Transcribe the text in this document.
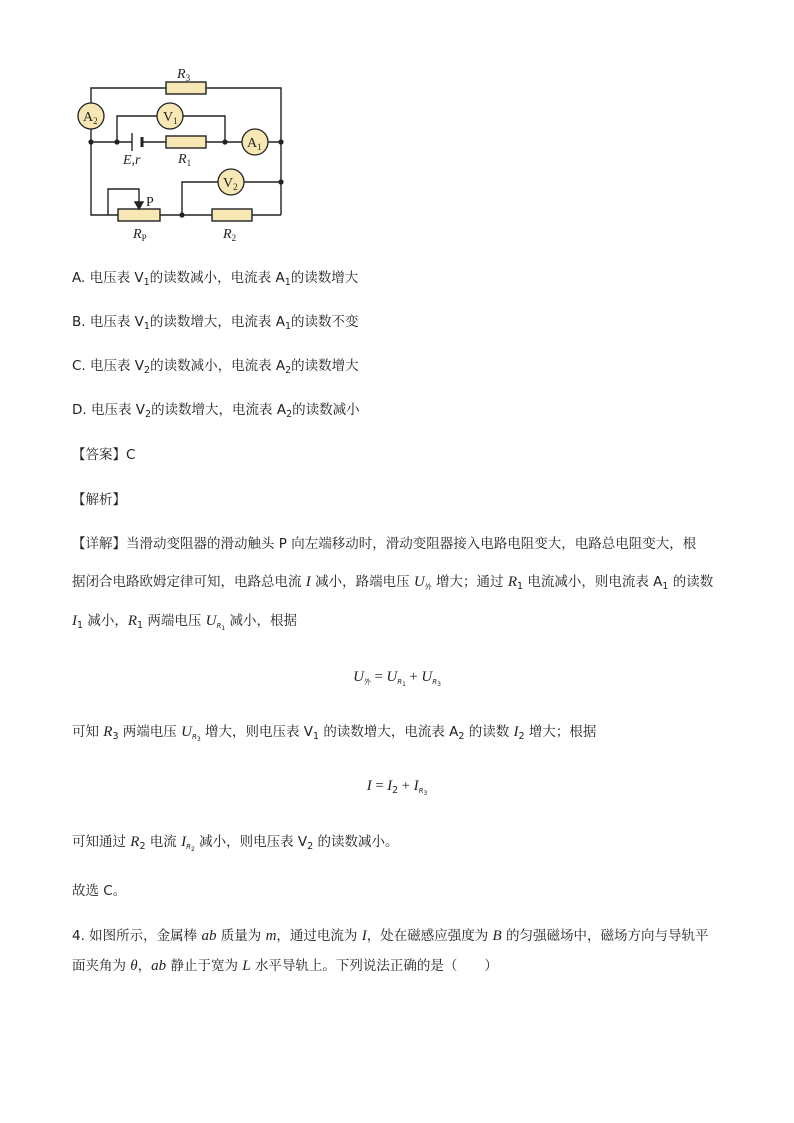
$A_2$	$V_1$
$A_1$
$V_2$
$R_3$
E,r	$R_1$
P
$R_P$	$R_2$
A. 电压表 $V_1$的读数减小，电流表 $A_1$的读数增大
B. 电压表 $V_1$的读数增大，电流表 $A_1$的读数不变
C. 电压表 $V_2$的读数减小，电流表 $A_2$的读数增大
D. 电压表 $V_2$的读数增大，电流表 $A_2$的读数减小
【答案】C
【解析】
【详解】当滑动变阻器的滑动触头 P 向左端移动时，滑动变阻器接入电路电阻变大，电路总电阻变大，根
据闭合电路欧姆定律可知，电路总电流 I 减小，路端电压 $U_外$ 增大；通过 $R_1$ 电流减小，则电流表 $A_1$ 的读数
$I_1$ 减小，$R_1$ 两端电压 $U_{R_1}$ 减小，根据
$U_外 = U_{R_1} + U_{R_3}$
可知 $R_3$ 两端电压 $U_{R_3}$ 增大，则电压表 $V_1$ 的读数增大，电流表 $A_2$ 的读数 $I_2$ 增大；根据
$I = I_2 + I_{R_3}$
可知通过 $R_2$ 电流 $I_{R_2}$ 减小，则电压表 $V_2$ 的读数减小。
故选 C。
4. 如图所示，金属棒 ab 质量为 m，通过电流为 I，处在磁感应强度为 B 的匀强磁场中，磁场方向与导轨平
面夹角为 θ，ab 静止于宽为 L 水平导轨上。下列说法正确的是（　　）
